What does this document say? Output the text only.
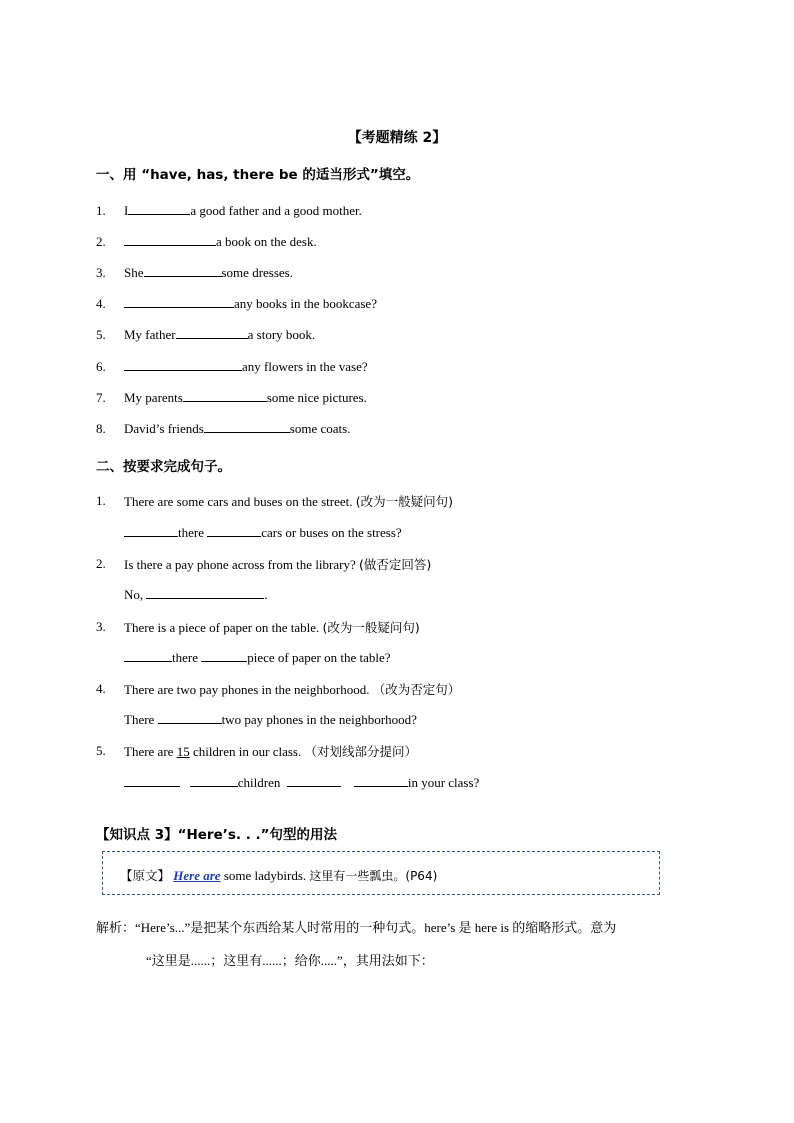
【考题精练 2】
一、用 “have, has, there be 的适当形式”填空。
1. I	a good father and a good mother.
2.	a book on the desk.
3. She	some dresses.
4.	any books in the bookcase?
5. My father	a story book.
6.	any flowers in the vase?
7. My parents	some nice pictures.
8. David’s friends	some coats.
二、按要求完成句子。
1. There are some cars and buses on the street. (改为一般疑问句)
there	cars or buses on the stress?
2. Is there a pay phone across from the library? (做否定回答)
No,	.
3. There is a piece of paper on the table. (改为一般疑问句)
there	piece of paper on the table?
4. There are two pay phones in the neighborhood. （改为否定句）
There	two pay phones in the neighborhood?
5. There are 15 children in our class. （对划线部分提问）
children	in your class?
【知识点 3】“Here’s. . .”句型的用法
【原文】 Here are some ladybirds. 这里有一些瓢虫。(P64)
解析：“Here’s...”是把某个东西给某人时常用的一种句式。here’s 是 here is 的缩略形式。意为
“这里是......；这里有......；给你.....”，其用法如下：
